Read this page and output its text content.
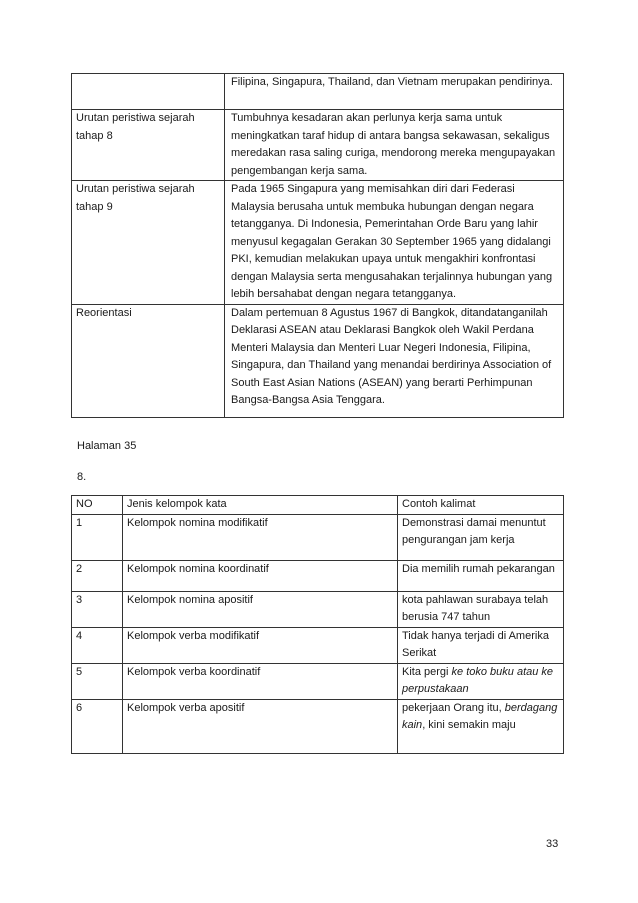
	Filipina, Singapura, Thailand, dan Vietnam merupakan pendirinya.
Urutan peristiwa sejarah tahap 8	Tumbuhnya kesadaran akan perlunya kerja sama untuk meningkatkan taraf hidup di antara bangsa sekawasan, sekaligus meredakan rasa saling curiga, mendorong mereka mengupayakan pengembangan kerja sama.
Urutan peristiwa sejarah tahap 9	Pada 1965 Singapura yang memisahkan diri dari Federasi Malaysia berusaha untuk membuka hubungan dengan negara tetangganya. Di Indonesia, Pemerintahan Orde Baru yang lahir menyusul kegagalan Gerakan 30 September 1965 yang didalangi PKI, kemudian melakukan upaya untuk mengakhiri konfrontasi dengan Malaysia serta mengusahakan terjalinnya hubungan yang lebih bersahabat dengan negara tetangganya.
Reorientasi	Dalam pertemuan 8 Agustus 1967 di Bangkok, ditandatanganilah Deklarasi ASEAN atau Deklarasi Bangkok oleh Wakil Perdana Menteri Malaysia dan Menteri Luar Negeri Indonesia, Filipina, Singapura, dan Thailand yang menandai berdirinya Association of South East Asian Nations (ASEAN) yang berarti Perhimpunan Bangsa-Bangsa Asia Tenggara.
Halaman 35
8.
NO	Jenis kelompok kata	Contoh kalimat
1	Kelompok nomina modifikatif	Demonstrasi damai menuntut pengurangan jam kerja
2	Kelompok nomina koordinatif	Dia memilih rumah pekarangan
3	Kelompok nomina apositif	kota pahlawan surabaya telah berusia 747 tahun
4	Kelompok verba modifikatif	Tidak hanya terjadi di Amerika Serikat
5	Kelompok verba koordinatif	Kita pergi ke toko buku atau ke perpustakaan
6	Kelompok verba apositif	pekerjaan Orang itu, berdagang kain, kini semakin maju
33
